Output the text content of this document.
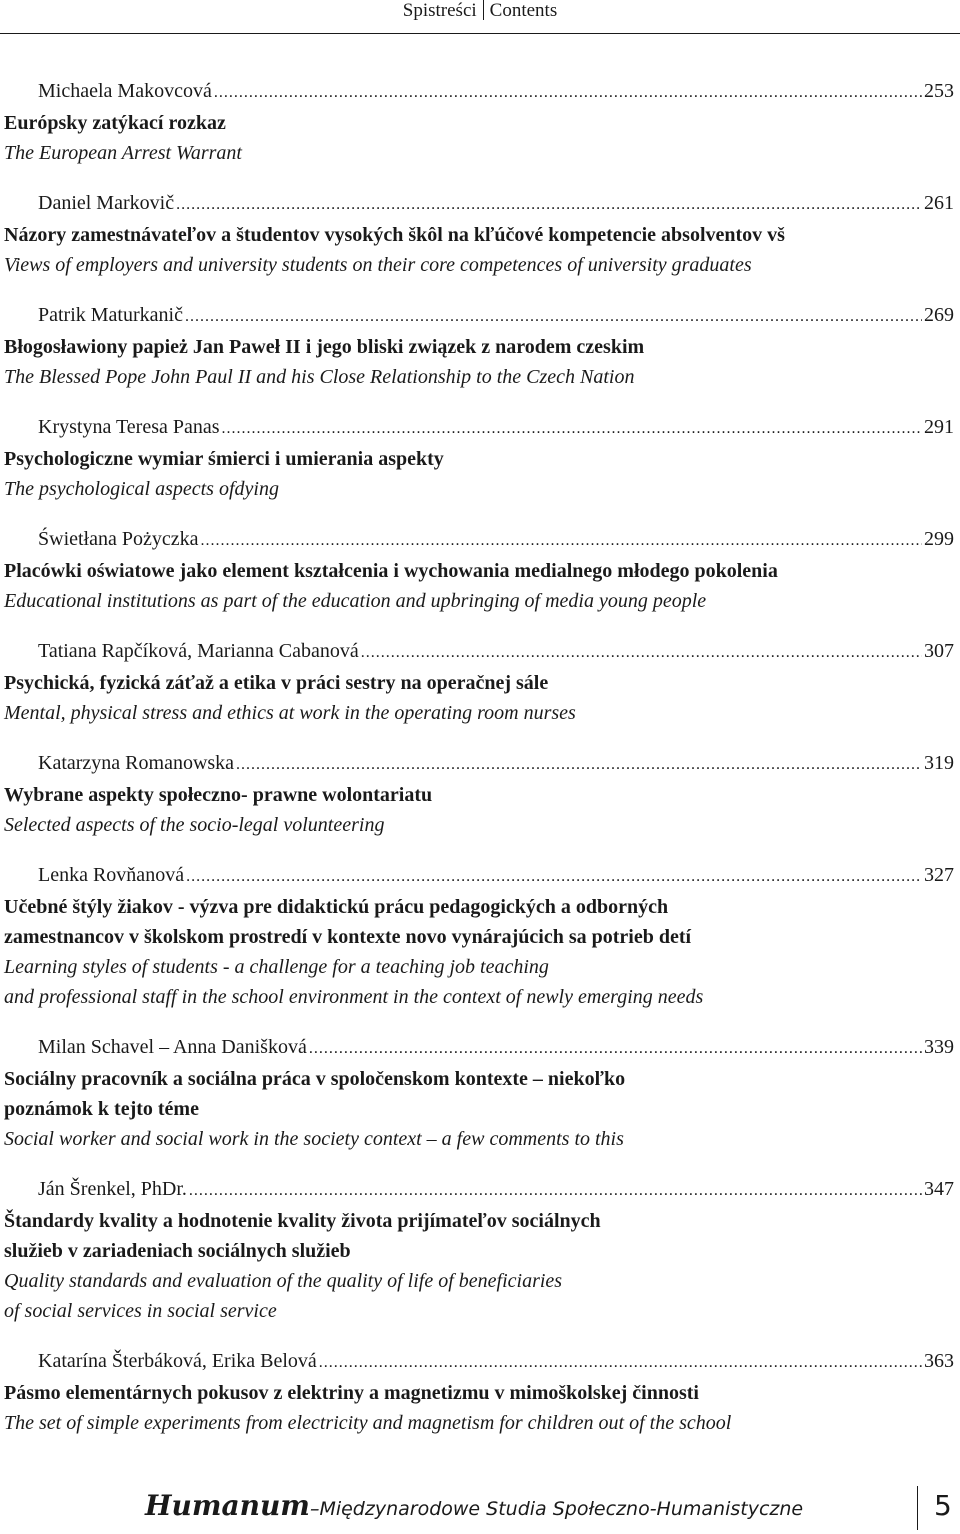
Spistreści Contents
Michaela Makovcová .....	253
Európsky zatýkací rozkaz
The European Arrest Warrant
Daniel Markovič .....	261
Názory zamestnávateľov a študentov vysokých škôl na kľúčové kompetencie absolventov vš
Views of employers and university students on their core competences of university graduates
Patrik Maturkanič .....	269
Błogosławiony papież Jan Paweł II i jego bliski związek z narodem czeskim
The Blessed Pope John Paul II and his Close Relationship to the Czech Nation
Krystyna Teresa Panas .....	291
Psychologiczne wymiar śmierci i umierania aspekty
The psychological aspects ofdying
Świetłana Pożyczka .....	299
Placówki oświatowe jako element kształcenia i wychowania medialnego młodego pokolenia
Educational institutions as part of the education and upbringing of media young people
Tatiana Rapčíková, Marianna Cabanová .....	307
Psychická, fyzická záťaž a etika v práci sestry na operačnej sále
Mental, physical stress and ethics at work in the operating room nurses
Katarzyna Romanowska .....	319
Wybrane aspekty społeczno- prawne wolontariatu
Selected aspects of the socio-legal volunteering
Lenka Rovňanová .....	327
Učebné štýly žiakov - výzva pre didaktickú prácu pedagogických a odborných
zamestnancov v školskom prostredí v kontexte novo vynárajúcich sa potrieb detí
Learning styles of students - a challenge for a teaching job teaching
and professional staff in the school environment in the context of newly emerging needs
Milan Schavel – Anna Danišková .....	339
Sociálny pracovník a sociálna práca v spoločenskom kontexte – niekoľko
poznámok k tejto téme
Social worker and social work in the society context – a few comments to this
Ján Šrenkel, PhDr. .....	347
Štandardy kvality a hodnotenie kvality života prijímateľov sociálnych
služieb v zariadeniach sociálnych služieb
Quality standards and evaluation of the quality of life of beneficiaries
of social services in social service
Katarína Šterbáková, Erika Belová .....	363
Pásmo elementárnych pokusov z elektriny a magnetizmu v mimoškolskej činnosti
The set of simple experiments from electricity and magnetism for children out of the school
Humanum–Międzynarodowe Studia Społeczno-Humanistyczne	5
